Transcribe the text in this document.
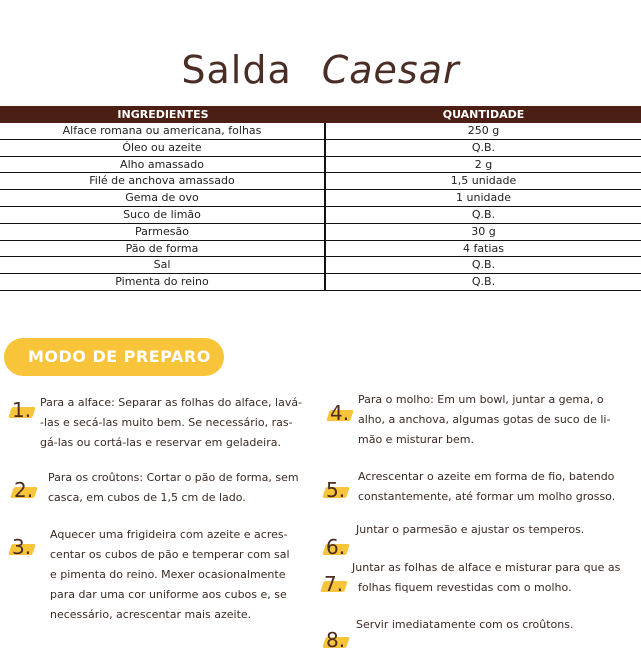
Salda Caesar
INGREDIENTES	QUANTIDADE
Alface romana ou americana, folhas	250 g
Óleo ou azeite	Q.B.
Alho amassado	2 g
Filé de anchova amassado	1,5 unidade
Gema de ovo	1 unidade
Suco de limão	Q.B.
Parmesão	30 g
Pão de forma	4 fatias
Sal	Q.B.
Pimenta do reino	Q.B.
MODO DE PREPARO
1. Para a alface: Separar as folhas do alface, lavá-

-las e secá-las muito bem. Se necessário, ras-

gá-las ou cortá-las e reservar em geladeira.

2.

Para os croûtons: Cortar o pão de forma, sem

casca, em cubos de 1,5 cm de lado.

3.

Aquecer uma frigideira com azeite e acres-

centar os cubos de pão e temperar com sal

e pimenta do reino. Mexer ocasionalmente

para dar uma cor uniforme aos cubos e, se

necessário, acrescentar mais azeite.

4.

Para o molho: Em um bowl, juntar a gema, o

alho, a anchova, algumas gotas de suco de li-

mão e misturar bem.

5.

Acrescentar o azeite em forma de fio, batendo

constantemente, até formar um molho grosso.

6.

Juntar o parmesão e ajustar os temperos.

7.

Juntar as folhas de alface e misturar para que as

folhas fiquem revestidas com o molho.

8.

Servir imediatamente com os croûtons.
